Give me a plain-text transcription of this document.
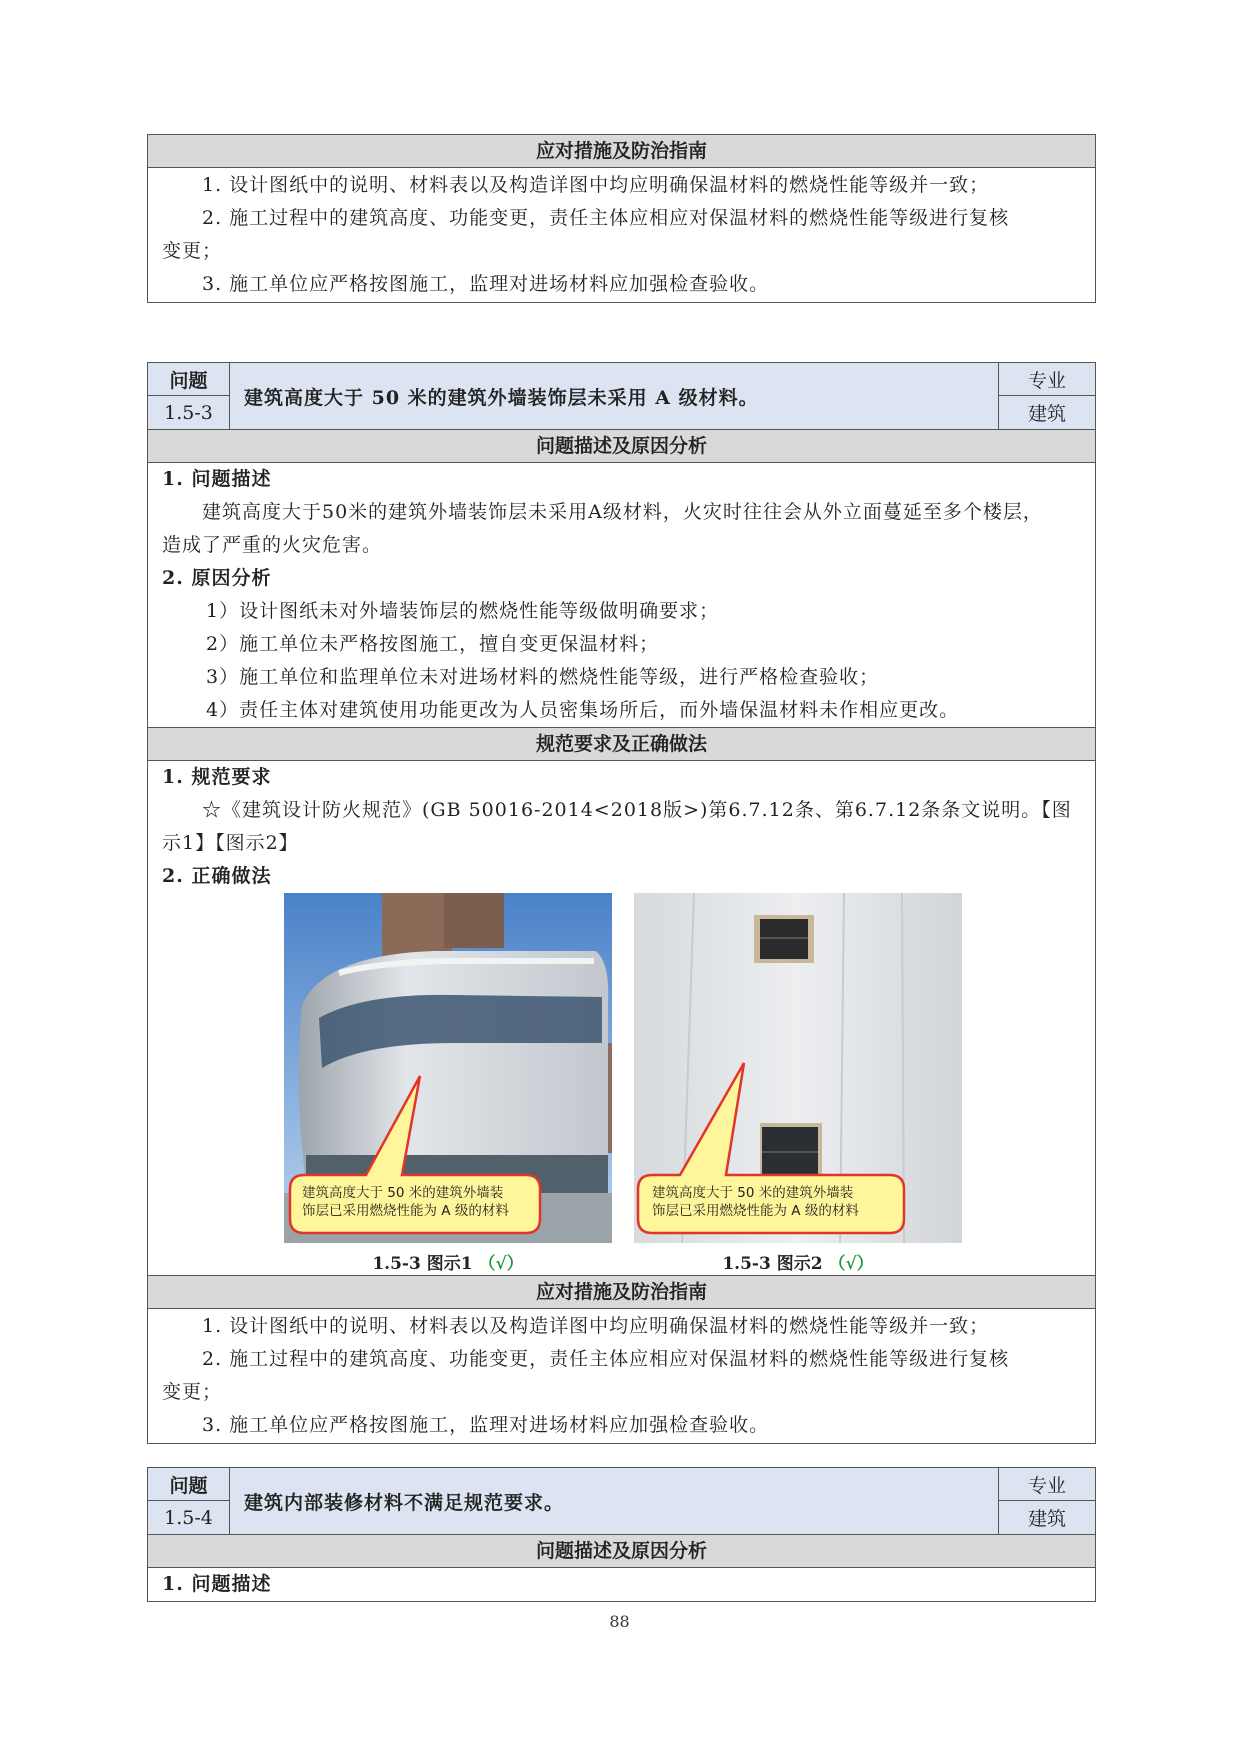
应对措施及防治指南
1. 设计图纸中的说明、材料表以及构造详图中均应明确保温材料的燃烧性能等级并一致；
2. 施工过程中的建筑高度、功能变更，责任主体应相应对保温材料的燃烧性能等级进行复核
变更；
3. 施工单位应严格按图施工，监理对进场材料应加强检查验收。
问题
建筑高度大于 50 米的建筑外墙装饰层未采用 A 级材料。
专业
1.5-3	建筑
问题描述及原因分析
1. 问题描述
建筑高度大于50米的建筑外墙装饰层未采用A级材料，火灾时往往会从外立面蔓延至多个楼层，
造成了严重的火灾危害。
2. 原因分析
1）设计图纸未对外墙装饰层的燃烧性能等级做明确要求；
2）施工单位未严格按图施工，擅自变更保温材料；
3）施工单位和监理单位未对进场材料的燃烧性能等级，进行严格检查验收；
4）责任主体对建筑使用功能更改为人员密集场所后，而外墙保温材料未作相应更改。
规范要求及正确做法
1. 规范要求
☆《建筑设计防火规范》(GB 50016-2014<2018版>)第6.7.12条、第6.7.12条条文说明。【图
示1】【图示2】
2. 正确做法
建筑高度大于 50 米的建筑外墙装
饰层已采用燃烧性能为 A 级的材料
1.5-3 图示1 （√）
建筑高度大于 50 米的建筑外墙装
饰层已采用燃烧性能为 A 级的材料
1.5-3 图示2 （√）
应对措施及防治指南
1. 设计图纸中的说明、材料表以及构造详图中均应明确保温材料的燃烧性能等级并一致；
2. 施工过程中的建筑高度、功能变更，责任主体应相应对保温材料的燃烧性能等级进行复核
变更；
3. 施工单位应严格按图施工，监理对进场材料应加强检查验收。
问题
建筑内部装修材料不满足规范要求。
专业
1.5-4	建筑
问题描述及原因分析
1. 问题描述
88
